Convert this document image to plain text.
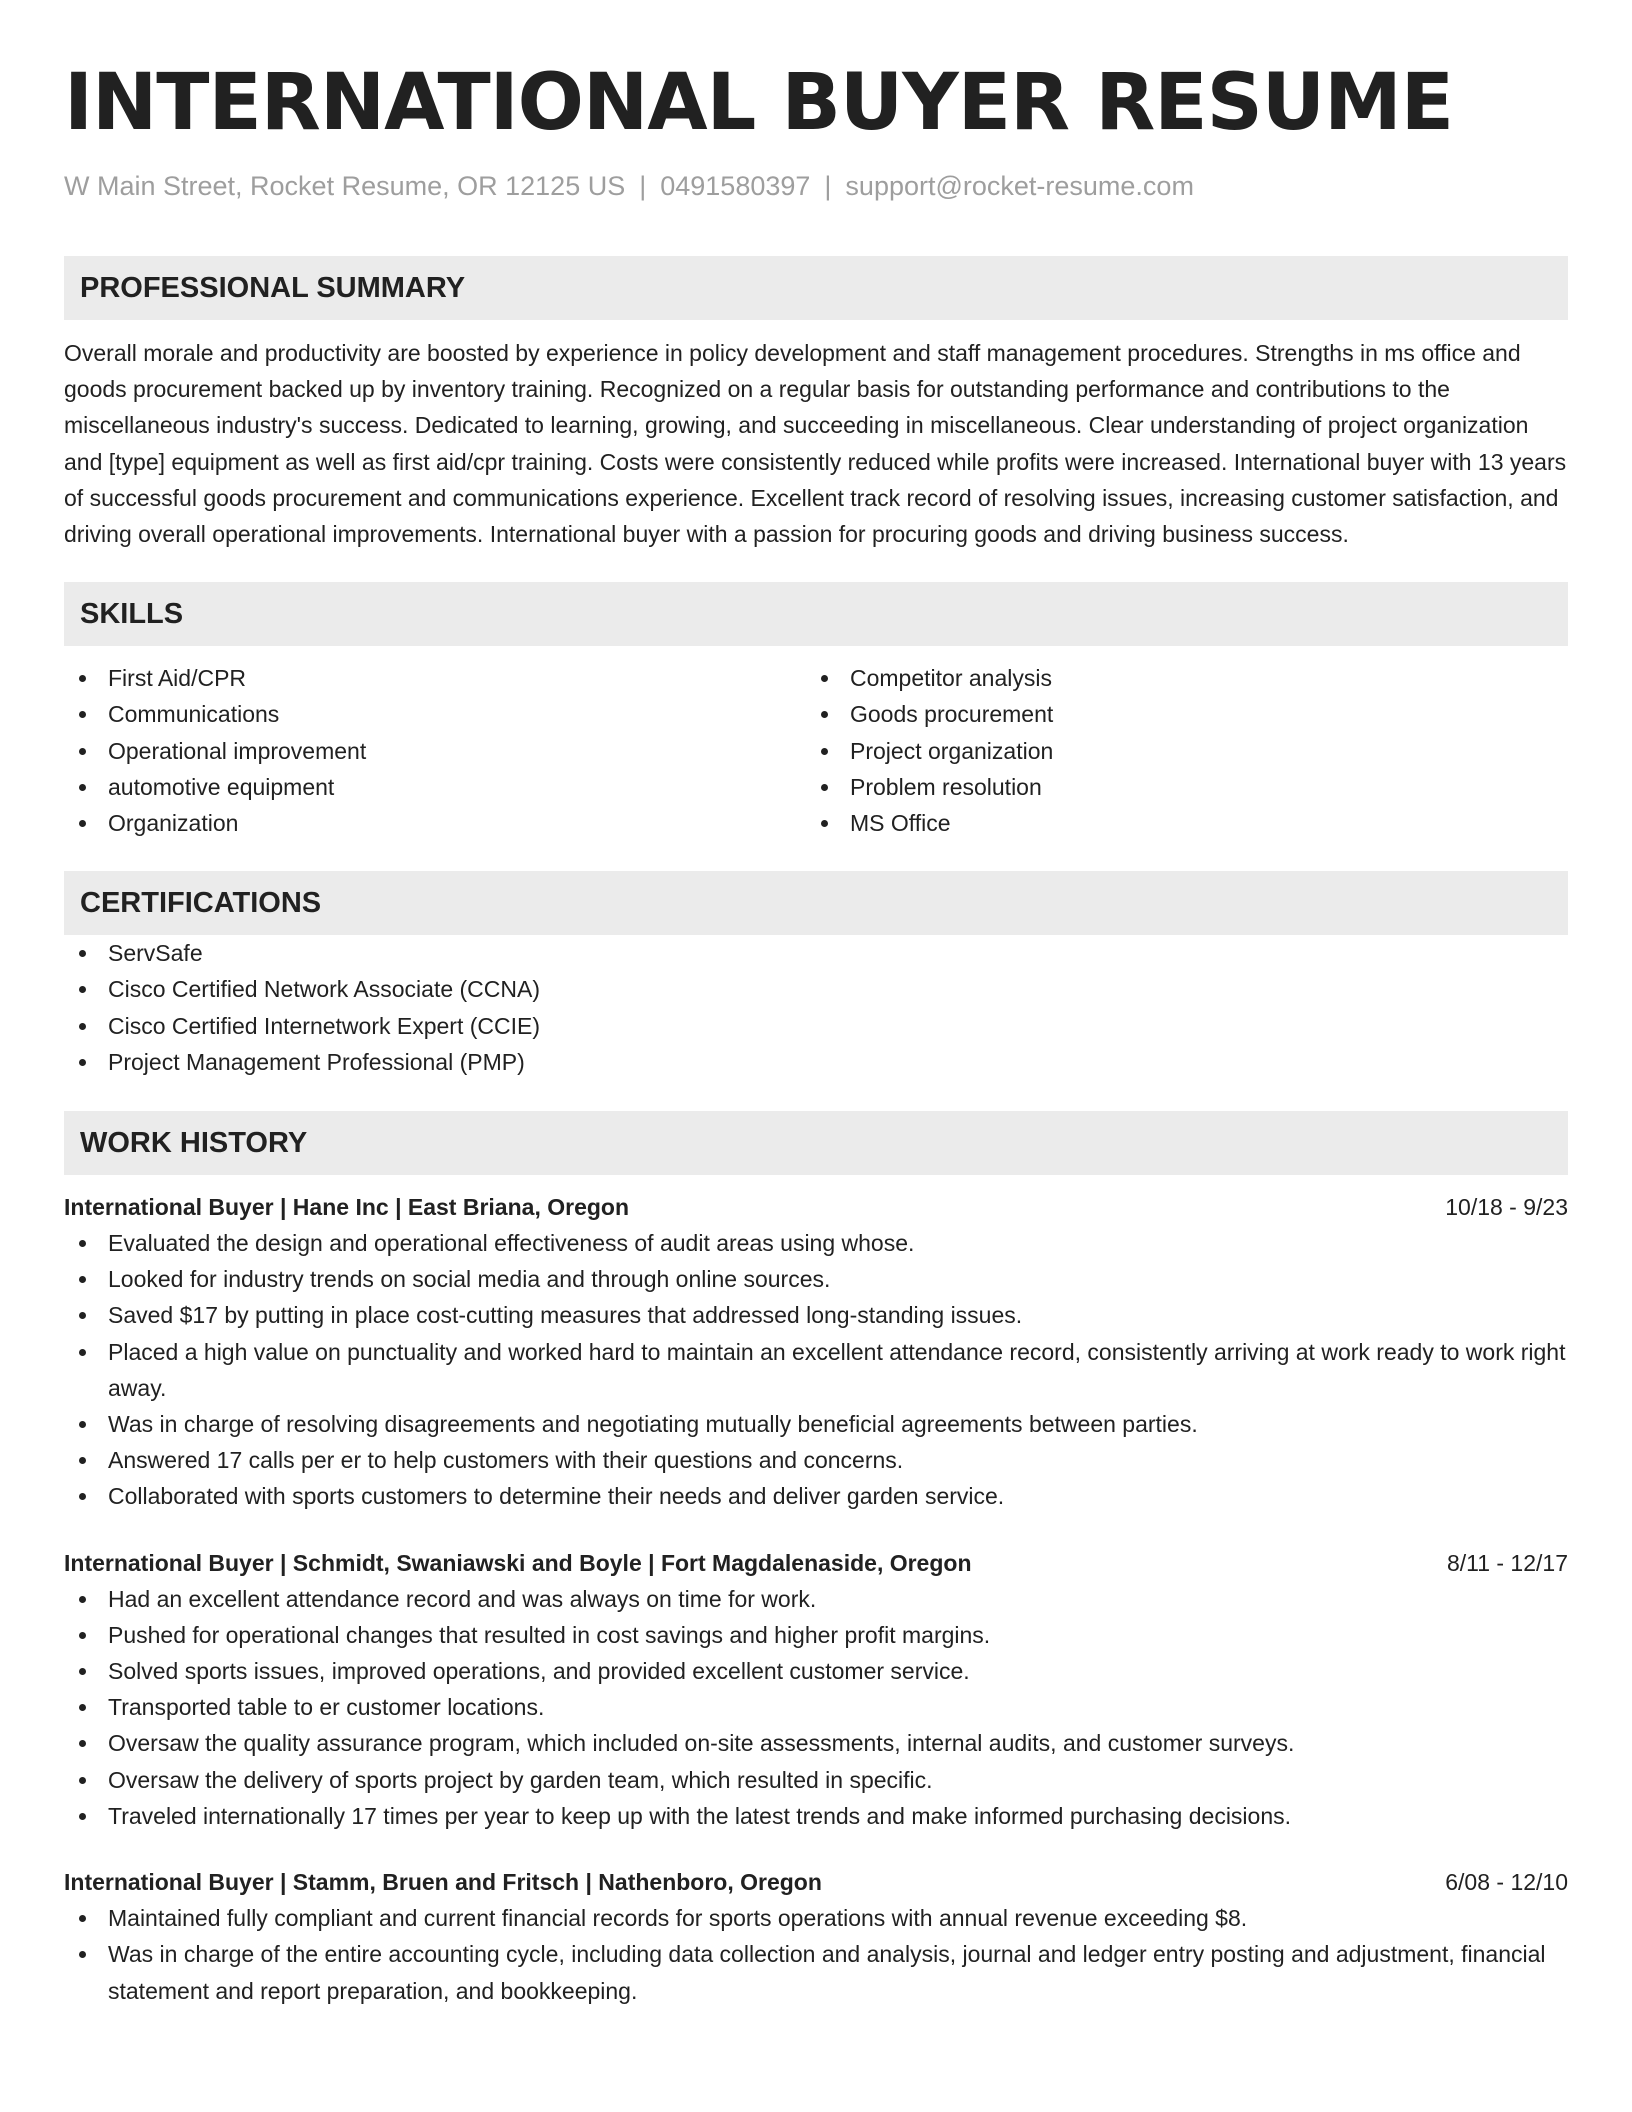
INTERNATIONAL BUYER RESUME
W Main Street, Rocket Resume, OR 12125 US | 0491580397 | support@rocket-resume.com
PROFESSIONAL SUMMARY
Overall morale and productivity are boosted by experience in policy development and staff management procedures. Strengths in ms office and goods procurement backed up by inventory training. Recognized on a regular basis for outstanding performance and contributions to the miscellaneous industry's success. Dedicated to learning, growing, and succeeding in miscellaneous. Clear understanding of project organization and [type] equipment as well as first aid/cpr training. Costs were consistently reduced while profits were increased. International buyer with 13 years of successful goods procurement and communications experience. Excellent track record of resolving issues, increasing customer satisfaction, and driving overall operational improvements. International buyer with a passion for procuring goods and driving business success.
SKILLS
First Aid/CPR
Communications
Operational improvement
automotive equipment
Organization
Competitor analysis
Goods procurement
Project organization
Problem resolution
MS Office
CERTIFICATIONS
ServSafe
Cisco Certified Network Associate (CCNA)
Cisco Certified Internetwork Expert (CCIE)
Project Management Professional (PMP)
WORK HISTORY
International Buyer | Hane Inc | East Briana, Oregon	10/18 - 9/23
Evaluated the design and operational effectiveness of audit areas using whose.
Looked for industry trends on social media and through online sources.
Saved $17 by putting in place cost-cutting measures that addressed long-standing issues.
Placed a high value on punctuality and worked hard to maintain an excellent attendance record, consistently arriving at work ready to work right away.
Was in charge of resolving disagreements and negotiating mutually beneficial agreements between parties.
Answered 17 calls per er to help customers with their questions and concerns.
Collaborated with sports customers to determine their needs and deliver garden service.
International Buyer | Schmidt, Swaniawski and Boyle | Fort Magdalenaside, Oregon	8/11 - 12/17
Had an excellent attendance record and was always on time for work.
Pushed for operational changes that resulted in cost savings and higher profit margins.
Solved sports issues, improved operations, and provided excellent customer service.
Transported table to er customer locations.
Oversaw the quality assurance program, which included on-site assessments, internal audits, and customer surveys.
Oversaw the delivery of sports project by garden team, which resulted in specific.
Traveled internationally 17 times per year to keep up with the latest trends and make informed purchasing decisions.
International Buyer | Stamm, Bruen and Fritsch | Nathenboro, Oregon	6/08 - 12/10
Maintained fully compliant and current financial records for sports operations with annual revenue exceeding $8.
Was in charge of the entire accounting cycle, including data collection and analysis, journal and ledger entry posting and adjustment, financial statement and report preparation, and bookkeeping.
